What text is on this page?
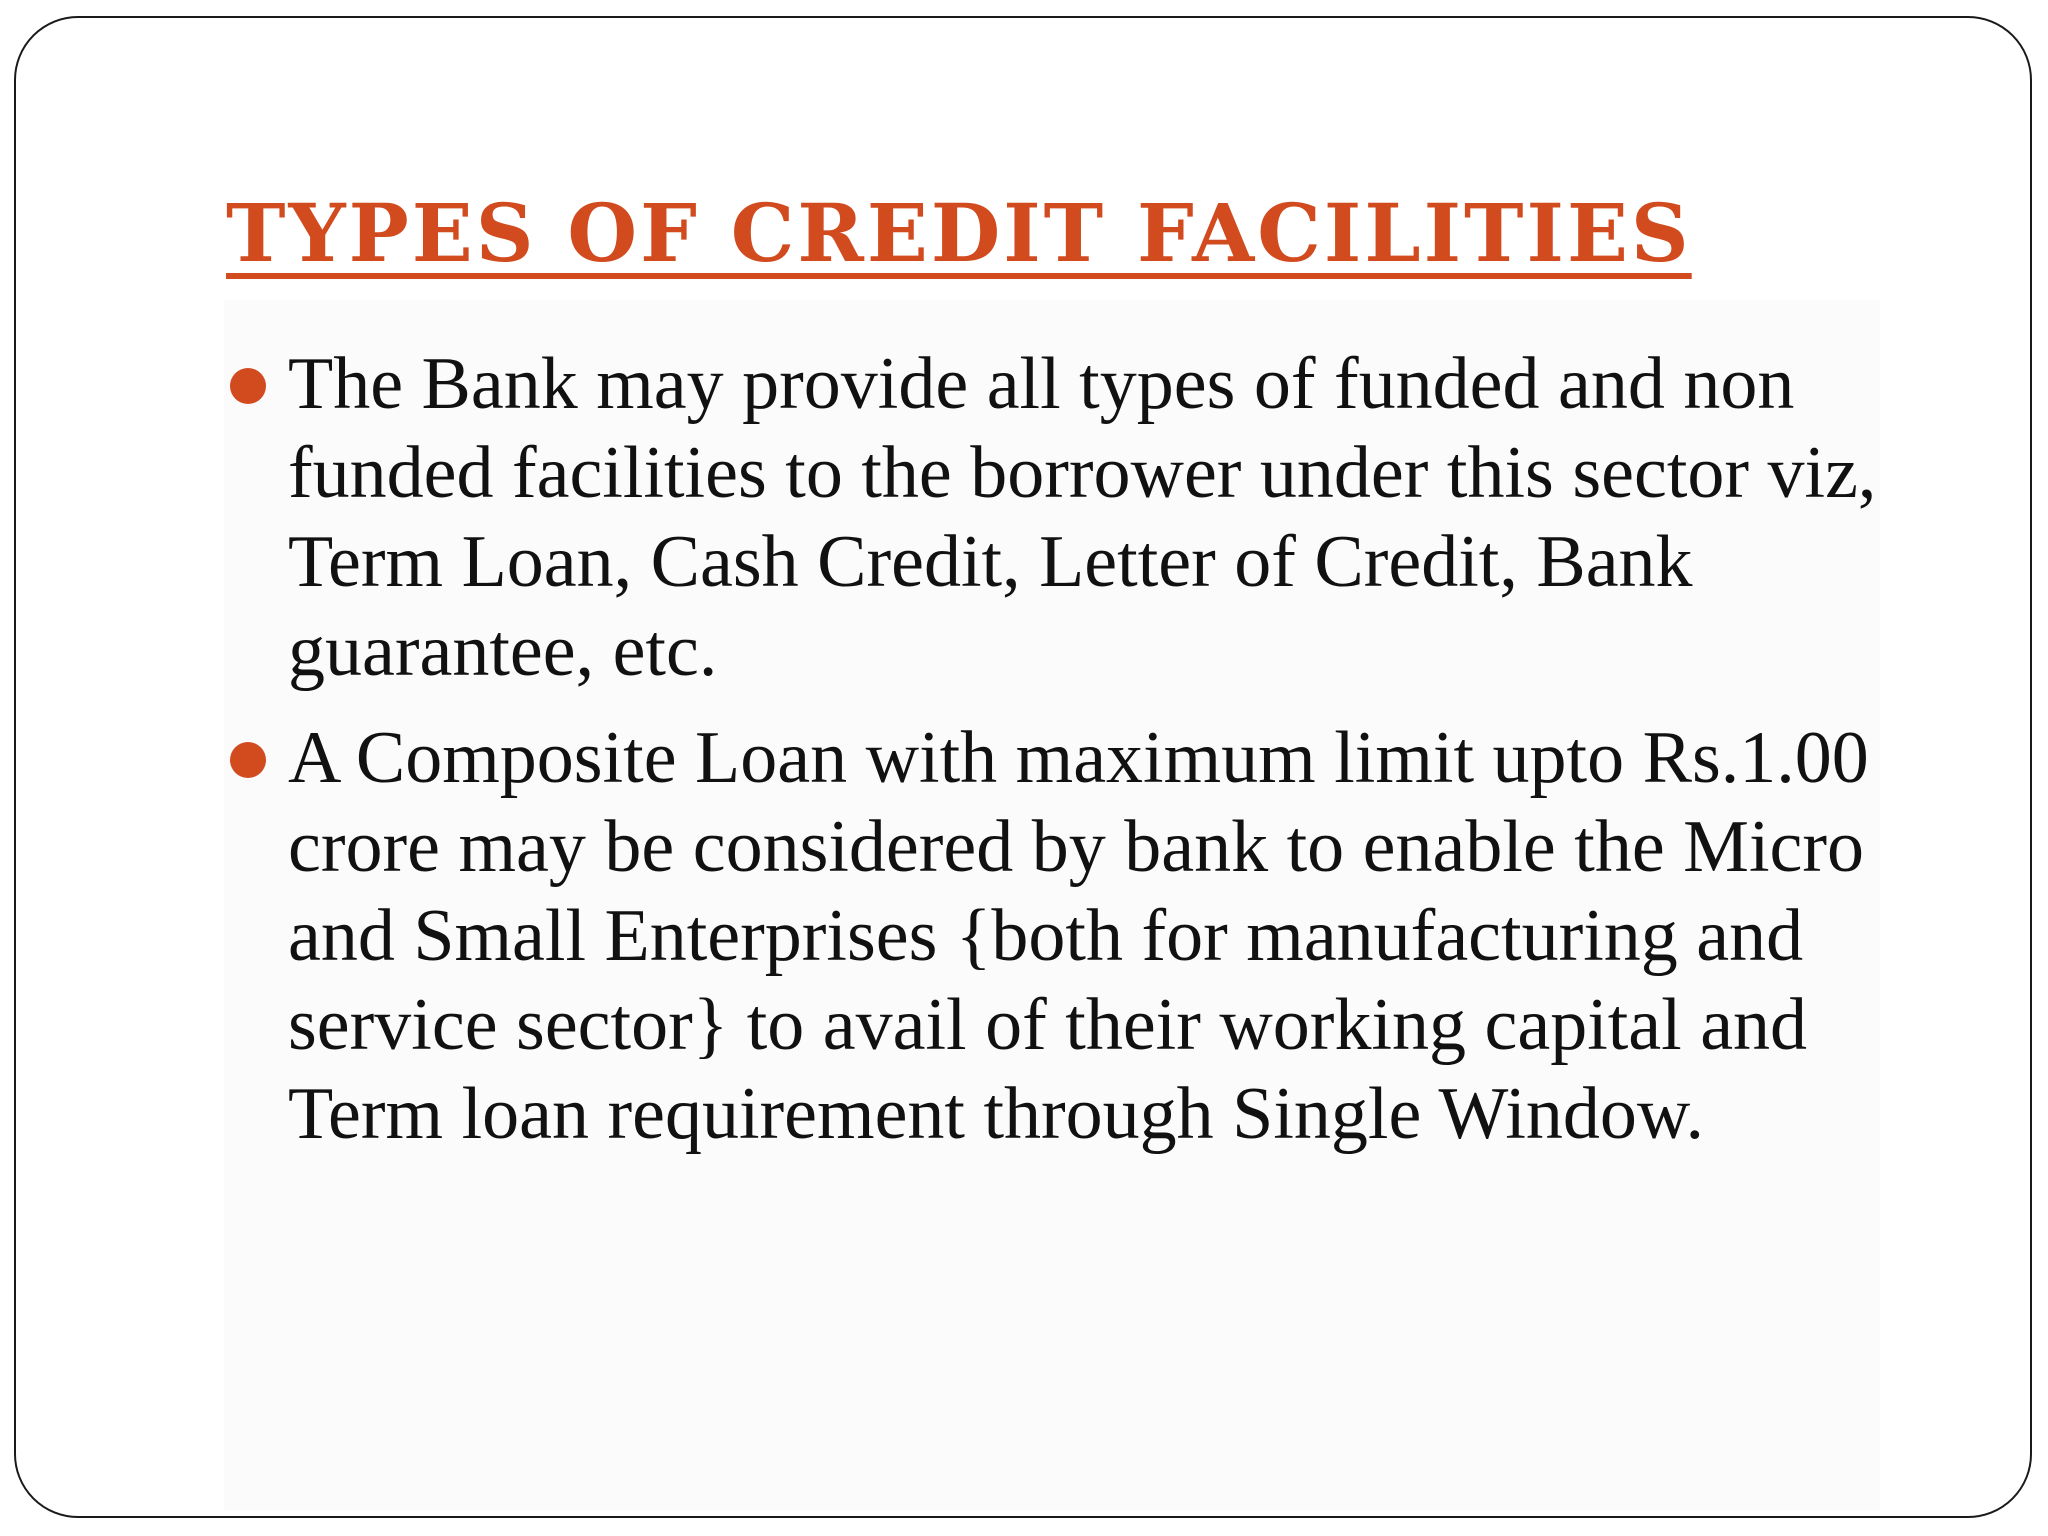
TYPES OF CREDIT FACILITIES
The Bank may provide all types of funded and non funded facilities to the borrower under this sector viz, Term Loan, Cash Credit, Letter of Credit, Bank guarantee, etc.
A Composite Loan with maximum limit upto Rs.1.00 crore may be considered by bank to enable the Micro and Small Enterprises {both for manufacturing and service sector} to avail of their working capital and Term loan requirement through Single Window.
